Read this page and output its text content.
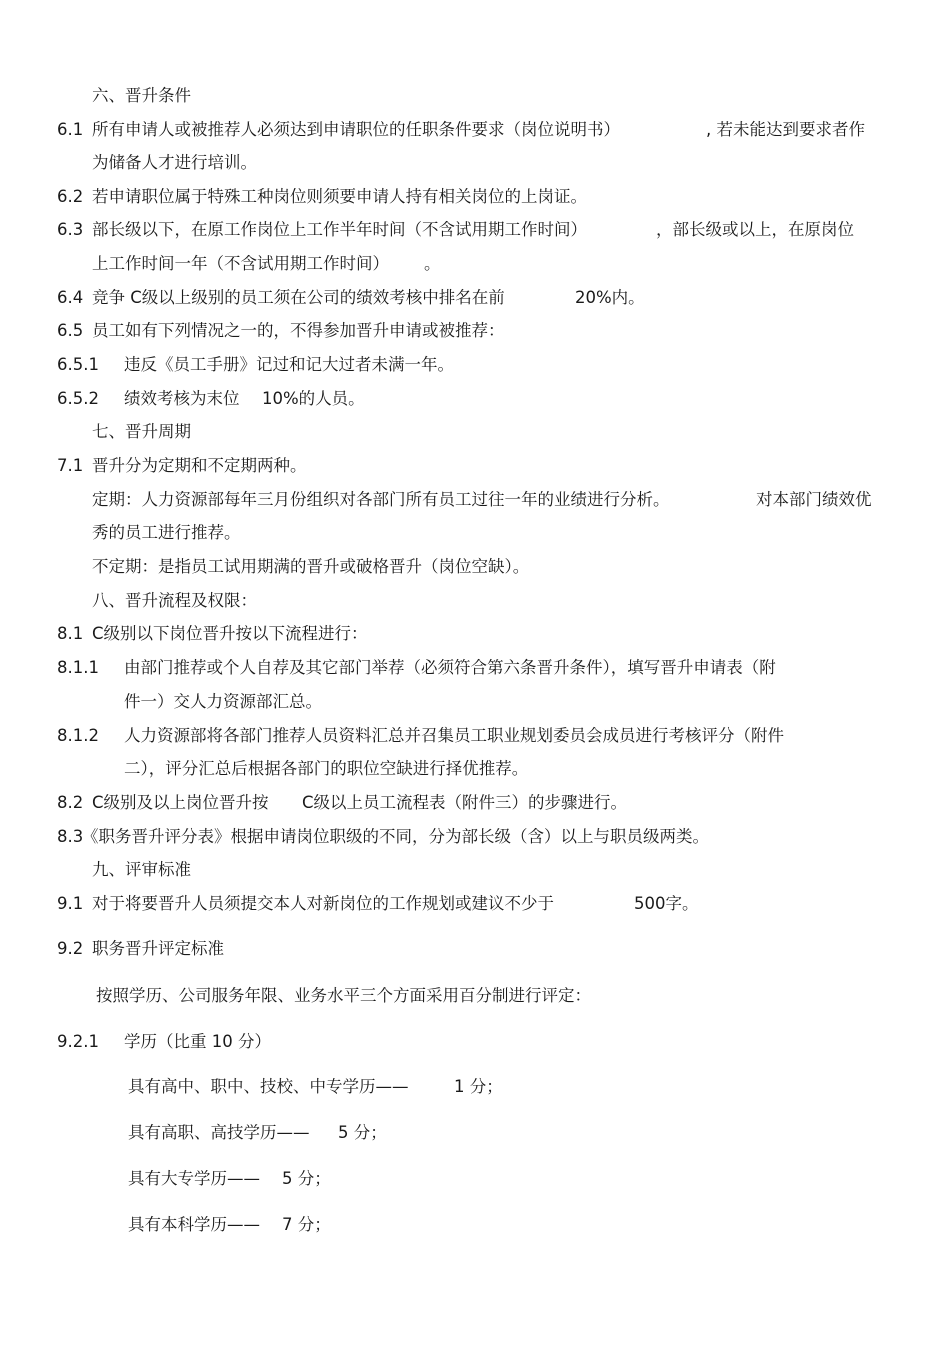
六、晋升条件
6.1 所有申请人或被推荐人必须达到申请职位的任职条件要求（岗位说明书）	, 若未能达到要求者作
为储备人才进行培训。
6.2 若申请职位属于特殊工种岗位则须要申请人持有相关岗位的上岗证。
6.3 部长级以下，在原工作岗位上工作半年时间（不含试用期工作时间）	，部长级或以上，在原岗位
上工作时间一年（不含试用期工作时间） 。
6.4 竞争 C级以上级别的员工须在公司的绩效考核中排名在前	20%内。
6.5 员工如有下列情况之一的，不得参加晋升申请或被推荐：
6.5.1 违反《员工手册》记过和记大过者未满一年。
6.5.2 绩效考核为末位 10%的人员。
七、晋升周期
7.1 晋升分为定期和不定期两种。
定期：人力资源部每年三月份组织对各部门所有员工过往一年的业绩进行分析。	对本部门绩效优
秀的员工进行推荐。
不定期：是指员工试用期满的晋升或破格晋升（岗位空缺）。
八、晋升流程及权限：
8.1 C级别以下岗位晋升按以下流程进行：
8.1.1 由部门推荐或个人自荐及其它部门举荐（必须符合第六条晋升条件），填写晋升申请表（附
件一）交人力资源部汇总。
8.1.2 人力资源部将各部门推荐人员资料汇总并召集员工职业规划委员会成员进行考核评分（附件
二），评分汇总后根据各部门的职位空缺进行择优推荐。
8.2 C级别及以上岗位晋升按 C级以上员工流程表（附件三）的步骤进行。
8.3
《职务晋升评分表》根据申请岗位职级的不同，分为部长级（含）以上与职员级两类。
九、评审标准
9.1 对于将要晋升人员须提交本人对新岗位的工作规划或建议不少于	500字。
9.2 职务晋升评定标准
按照学历、公司服务年限、业务水平三个方面采用百分制进行评定：
9.2.1 学历（比重 10 分）
具有高中、职中、技校、中专学历——	1 分；
具有高职、高技学历—— 5 分；
具有大专学历—— 5 分；
具有本科学历—— 7 分；
